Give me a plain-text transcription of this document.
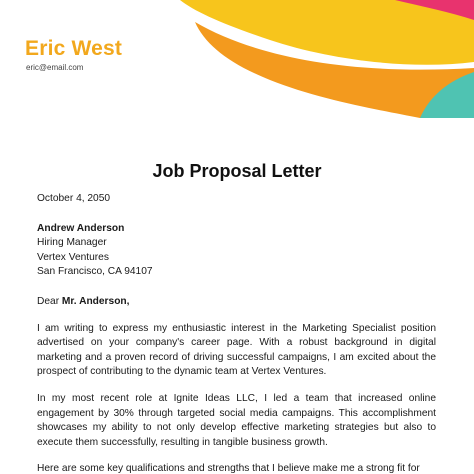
Eric West
eric@email.com
Job Proposal Letter

October 4, 2050

Andrew Anderson
Hiring Manager
Vertex Ventures
San Francisco, CA 94107

Dear Mr. Anderson,

I am writing to express my enthusiastic interest in the Marketing Specialist position advertised on your company's career page. With a robust background in digital marketing and a proven record of driving successful campaigns, I am excited about the prospect of contributing to the dynamic team at Vertex Ventures.

In my most recent role at Ignite Ideas LLC, I led a team that increased online engagement by 30% through targeted social media campaigns. This accomplishment showcases my ability to not only develop effective marketing strategies but also to execute them successfully, resulting in tangible business growth.

Here are some key qualifications and strengths that I believe make me a strong fit for
